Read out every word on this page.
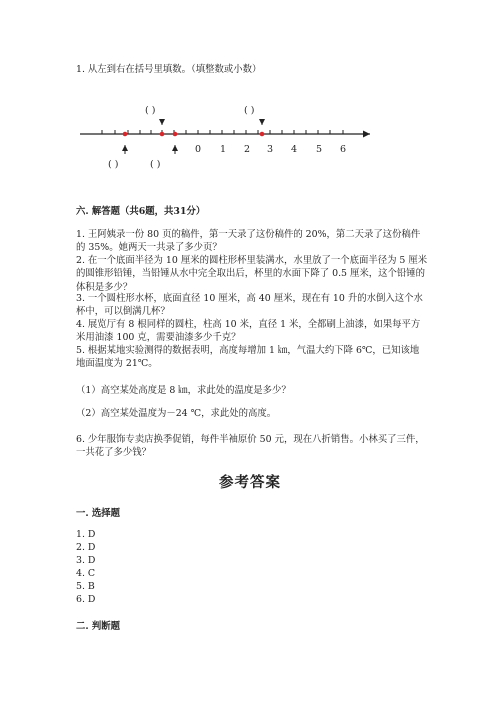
1. 从左到右在括号里填数。（填整数或小数）
0 1 2 3 4 5 6
( )	( )
( )	( )
六. 解答题（共6题，共31分）
1. 王阿姨录一份 80 页的稿件，第一天录了这份稿件的 20%，第二天录了这份稿件的 35%。她两天一共录了多少页？
2. 在一个底面半径为 10 厘米的圆柱形杯里装满水，水里放了一个底面半径为 5 厘米的圆锥形铅锤，当铅锤从水中完全取出后，杯里的水面下降了 0.5 厘米，这个铅锤的体积是多少？
3. 一个圆柱形水杯，底面直径 10 厘米，高 40 厘米，现在有 10 升的水倒入这个水杯中，可以倒满几杯？
4. 展览厅有 8 根同样的圆柱，柱高 10 米，直径 1 米，全都刷上油漆，如果每平方米用油漆 100 克，需要油漆多少千克？
5. 根据某地实验测得的数据表明，高度每增加 1 ㎞，气温大约下降 6℃，已知该地地面温度为 21℃。
（1）高空某处高度是 8 ㎞，求此处的温度是多少？
（2）高空某处温度为－24 ℃，求此处的高度。
6. 少年服饰专卖店换季促销，每件半袖原价 50 元，现在八折销售。小林买了三件，一共花了多少钱？
参考答案
一. 选择题
1. D
2. D
3. D
4. C
5. B
6. D
二. 判断题
